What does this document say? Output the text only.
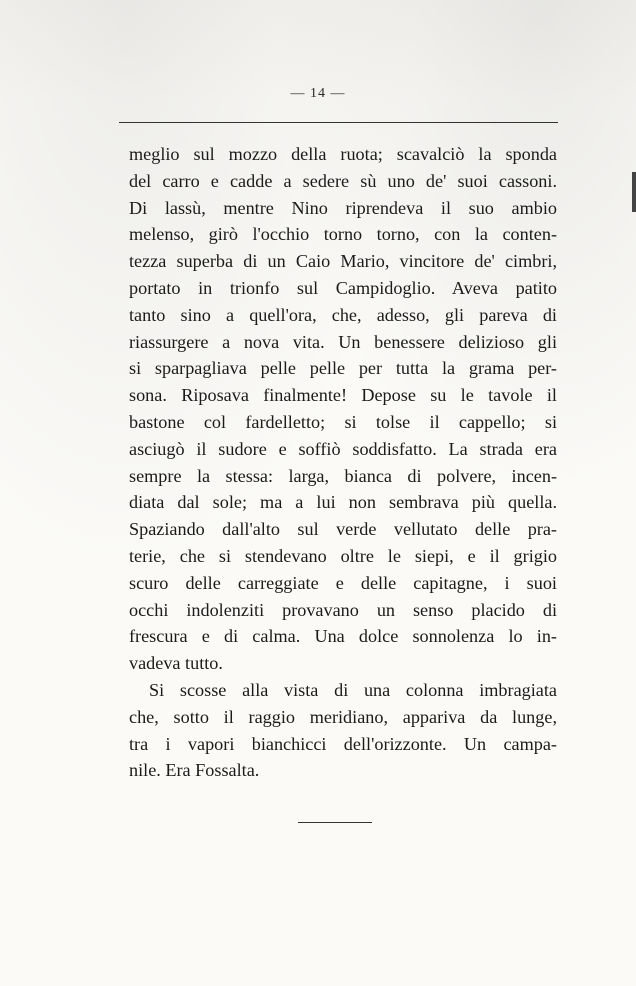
— 14 —
meglio sul mozzo della ruota; scavalciò la sponda
del carro e cadde a sedere sù uno de' suoi cassoni.
Di lassù, mentre Nino riprendeva il suo ambio
melenso, girò l'occhio torno torno, con la conten-
tezza superba di un Caio Mario, vincitore de' cimbri,
portato in trionfo sul Campidoglio. Aveva patito
tanto sino a quell'ora, che, adesso, gli pareva di
riassurgere a nova vita. Un benessere delizioso gli
si sparpagliava pelle pelle per tutta la grama per-
sona. Riposava finalmente! Depose su le tavole il
bastone col fardelletto; si tolse il cappello; si
asciugò il sudore e soffiò soddisfatto. La strada era
sempre la stessa: larga, bianca di polvere, incen-
diata dal sole; ma a lui non sembrava più quella.
Spaziando dall'alto sul verde vellutato delle pra-
terie, che si stendevano oltre le siepi, e il grigio
scuro delle carreggiate e delle capitagne, i suoi
occhi indolenziti provavano un senso placido di
frescura e di calma. Una dolce sonnolenza lo in-
vadeva tutto.
Si scosse alla vista di una colonna imbragiata
che, sotto il raggio meridiano, appariva da lunge,
tra i vapori bianchicci dell'orizzonte. Un campa-
nile. Era Fossalta.
